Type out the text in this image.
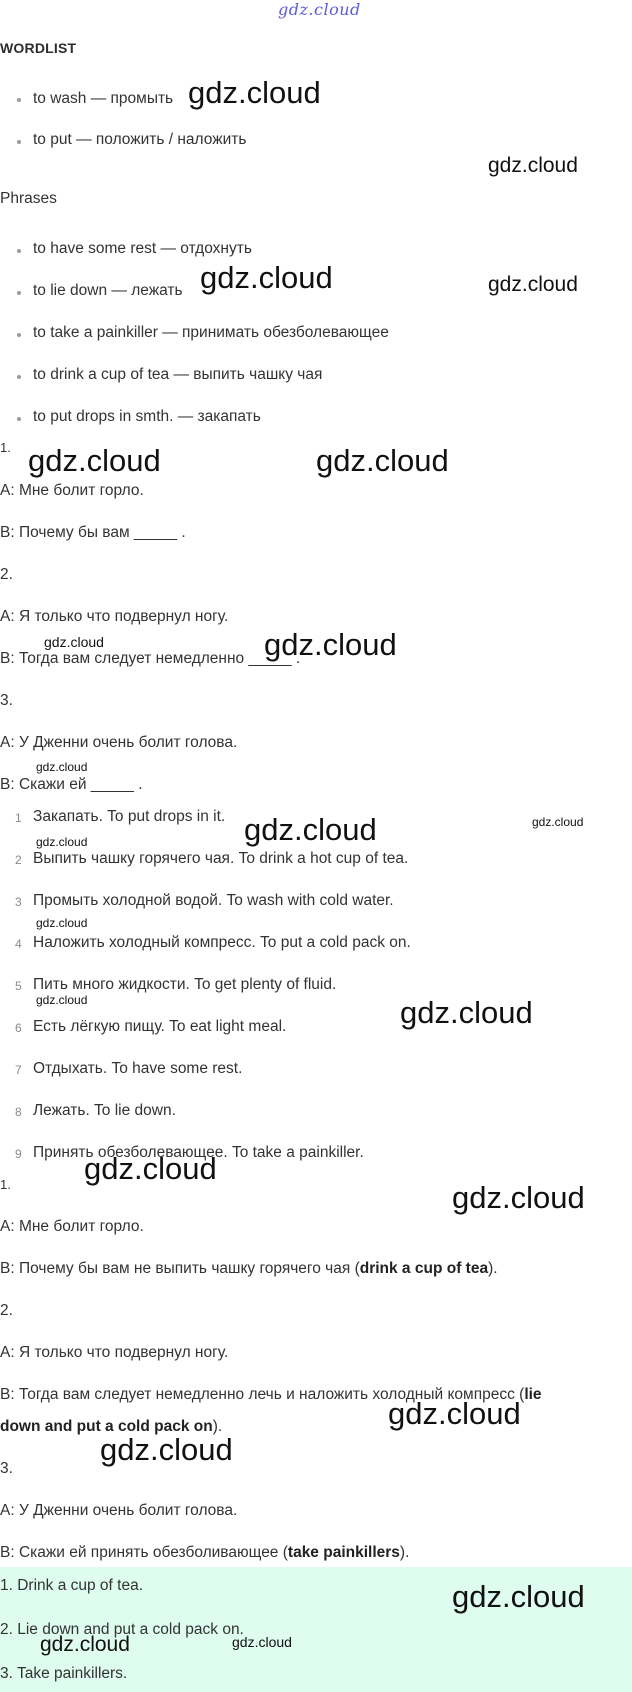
gdz.cloud
WORDLIST
to wash — промыть
to put — положить / наложить
Phrases
to have some rest — отдохнуть
to lie down — лежать
to take a painkiller — принимать обезболевающее
to drink a cup of tea — выпить чашку чая
to put drops in smth. — закапать
1.
A: Мне болит горло.
B: Почему бы вам _____ .
2.
A: Я только что подвернул ногу.
B: Тогда вам следует немедленно _____ .
3.
A: У Дженни очень болит голова.
B: Скажи ей _____ .
1 Закапать. To put drops in it.
2 Выпить чашку горячего чая. To drink a hot cup of tea.
3 Промыть холодной водой. To wash with cold water.
4 Наложить холодный компресс. To put a cold pack on.
5 Пить много жидкости. To get plenty of fluid.
6 Есть лёгкую пищу. To eat light meal.
7 Отдыхать. To have some rest.
8 Лежать. To lie down.
9 Принять обезболевающее. To take a painkiller.
1.
A: Мне болит горло.
B: Почему бы вам не выпить чашку горячего чая (drink a cup of tea).
2.
A: Я только что подвернул ногу.
B: Тогда вам следует немедленно лечь и наложить холодный компресс (lie
down and put a cold pack on).
3.
A: У Дженни очень болит голова.
B: Скажи ей принять обезболивающее (take painkillers).
1. Drink a cup of tea.
2. Lie down and put a cold pack on.
3. Take painkillers.
gdz.cloud
gdz.cloud
gdz.cloud	gdz.cloud
gdz.cloud	gdz.cloud
gdz.cloud	gdz.cloud
gdz.cloud
gdz.cloud	gdz.cloud
gdz.cloud
gdz.cloud
gdz.cloud	gdz.cloud
gdz.cloud
gdz.cloud
gdz.cloud
gdz.cloud
gdz.cloud
gdz.cloud	gdz.cloud
